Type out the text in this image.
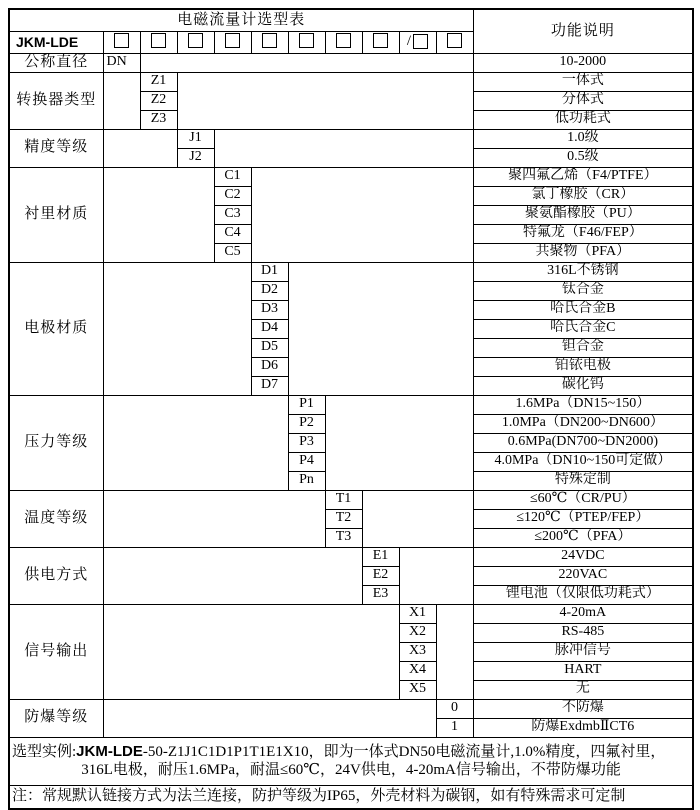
电磁流量计选型表											功能说明
JKM-LDE									/		
公称直径	DN										10-2000
转换器类型		Z1									一体式
		Z2									分体式
		Z3									低功耗式
精度等级			J1								1.0级
			J2								0.5级
衬里材质				C1							聚四氟乙烯（F4/PTFE）
				C2							氯丁橡胶（CR）
				C3							聚氨酯橡胶（PU）
				C4							特氟龙（F46/FEP）
				C5							共聚物（PFA）
电极材质					D1						316L不锈钢
					D2						钛合金
					D3						哈氏合金B
					D4						哈氏合金C
					D5						钽合金
					D6						铂铱电极
					D7						碳化钨
压力等级						P1					1.6MPa（DN15~150）
						P2					1.0MPa（DN200~DN600）
						P3					0.6MPa(DN700~DN2000)
						P4					4.0MPa（DN10~150可定做）
						Pn					特殊定制
温度等级							T1				≤60℃（CR/PU）
							T2				≤120℃（PTEP/FEP）
							T3				≤200℃（PFA）
供电方式								E1			24VDC
								E2			220VAC
								E3			锂电池（仅限低功耗式）
信号输出									X1		4-20mA
									X2		RS-485
									X3		脉冲信号
									X4		HART
									X5		无
防爆等级										0	不防爆
										1	防爆ExdmbⅡCT6

选型实例:JKM-LDE-50-Z1J1C1D1P1T1E1X10，即为一体式DN50电磁流量计,1.0%精度，四氟衬里，
316L电极，耐压1.6MPa，耐温≤60℃，24V供电，4-20mA信号输出，不带防爆功能											

注：常规默认链接方式为法兰连接，防护等级为IP65，外壳材料为碳钢，如有特殊需求可定制											
